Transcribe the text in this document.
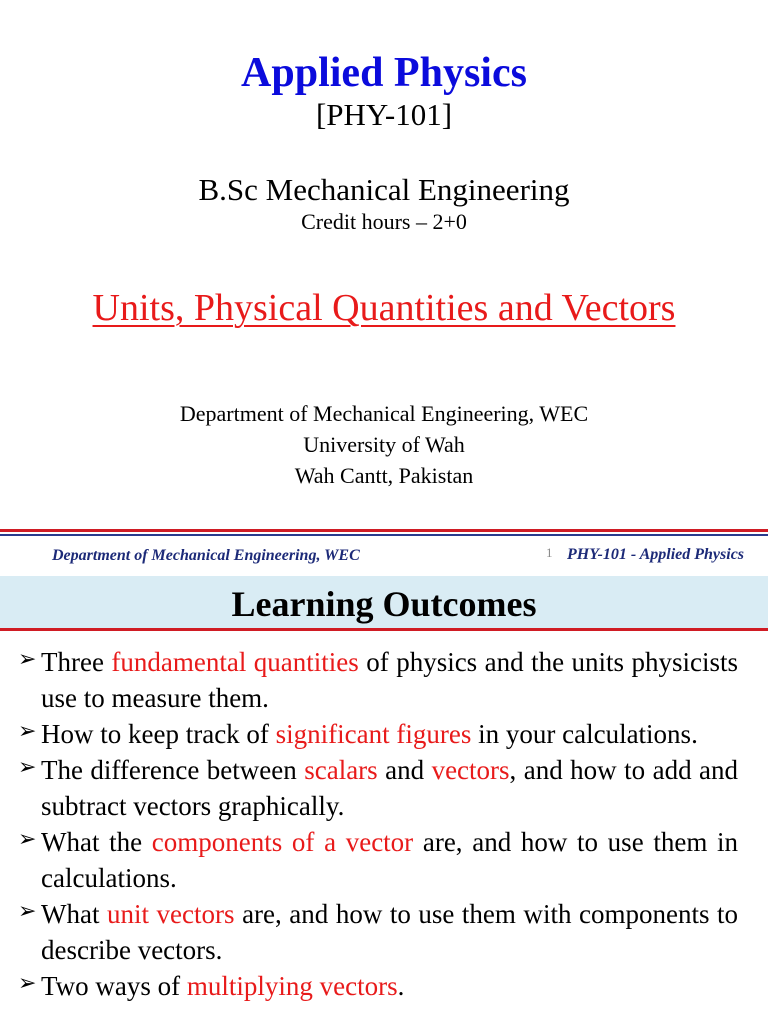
Applied Physics
[PHY-101]
B.Sc Mechanical Engineering
Credit hours – 2+0
Units, Physical Quantities and Vectors
Department of Mechanical Engineering, WEC
University of Wah
Wah Cantt, Pakistan
Department of Mechanical Engineering, WEC	1 PHY-101 - Applied Physics
Learning Outcomes
➢ Three fundamental quantities of physics and the units physicists use to measure them.
➢ How to keep track of significant figures in your calculations.
➢ The difference between scalars and vectors, and how to add and subtract vectors graphically.
➢ What the components of a vector are, and how to use them in calculations.
➢ What unit vectors are, and how to use them with components to describe vectors.
➢ Two ways of multiplying vectors.
